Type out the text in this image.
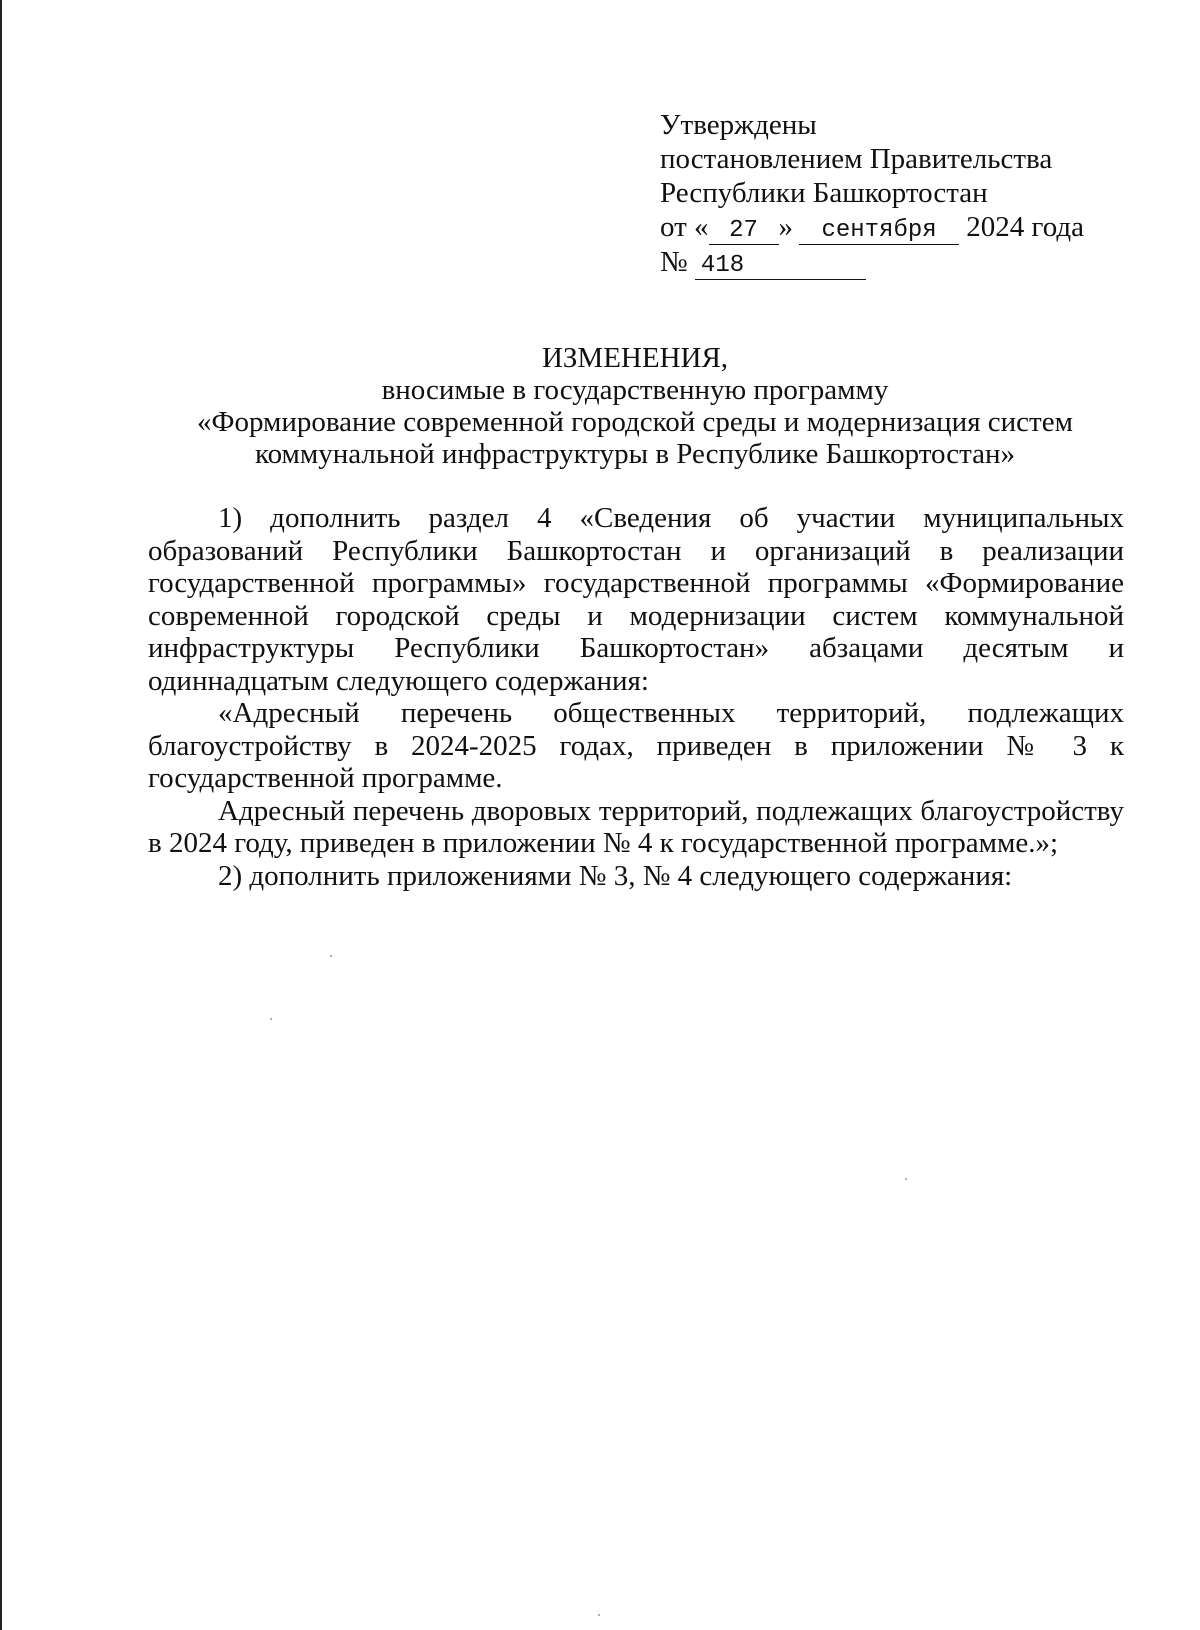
Утверждены
постановлением Правительства
Республики Башкортостан
от « 27 » сентября 2024 года
№ 418
ИЗМЕНЕНИЯ,
вносимые в государственную программу
«Формирование современной городской среды и модернизация систем
коммунальной инфраструктуры в Республике Башкортостан»

1) дополнить раздел 4 «Сведения об участии муниципальных образований Республики Башкортостан и организаций в реализации государственной программы» государственной программы «Формирование современной городской среды и модернизации систем коммунальной инфраструктуры Республики Башкортостан» абзацами десятым и одиннадцатым следующего содержания:

«Адресный перечень общественных территорий, подлежащих благоустройству в 2024-2025 годах, приведен в приложении № 3 к государственной программе.

Адресный перечень дворовых территорий, подлежащих благоустройству в 2024 году, приведен в приложении № 4 к государственной программе.»;

2) дополнить приложениями № 3, № 4 следующего содержания:
